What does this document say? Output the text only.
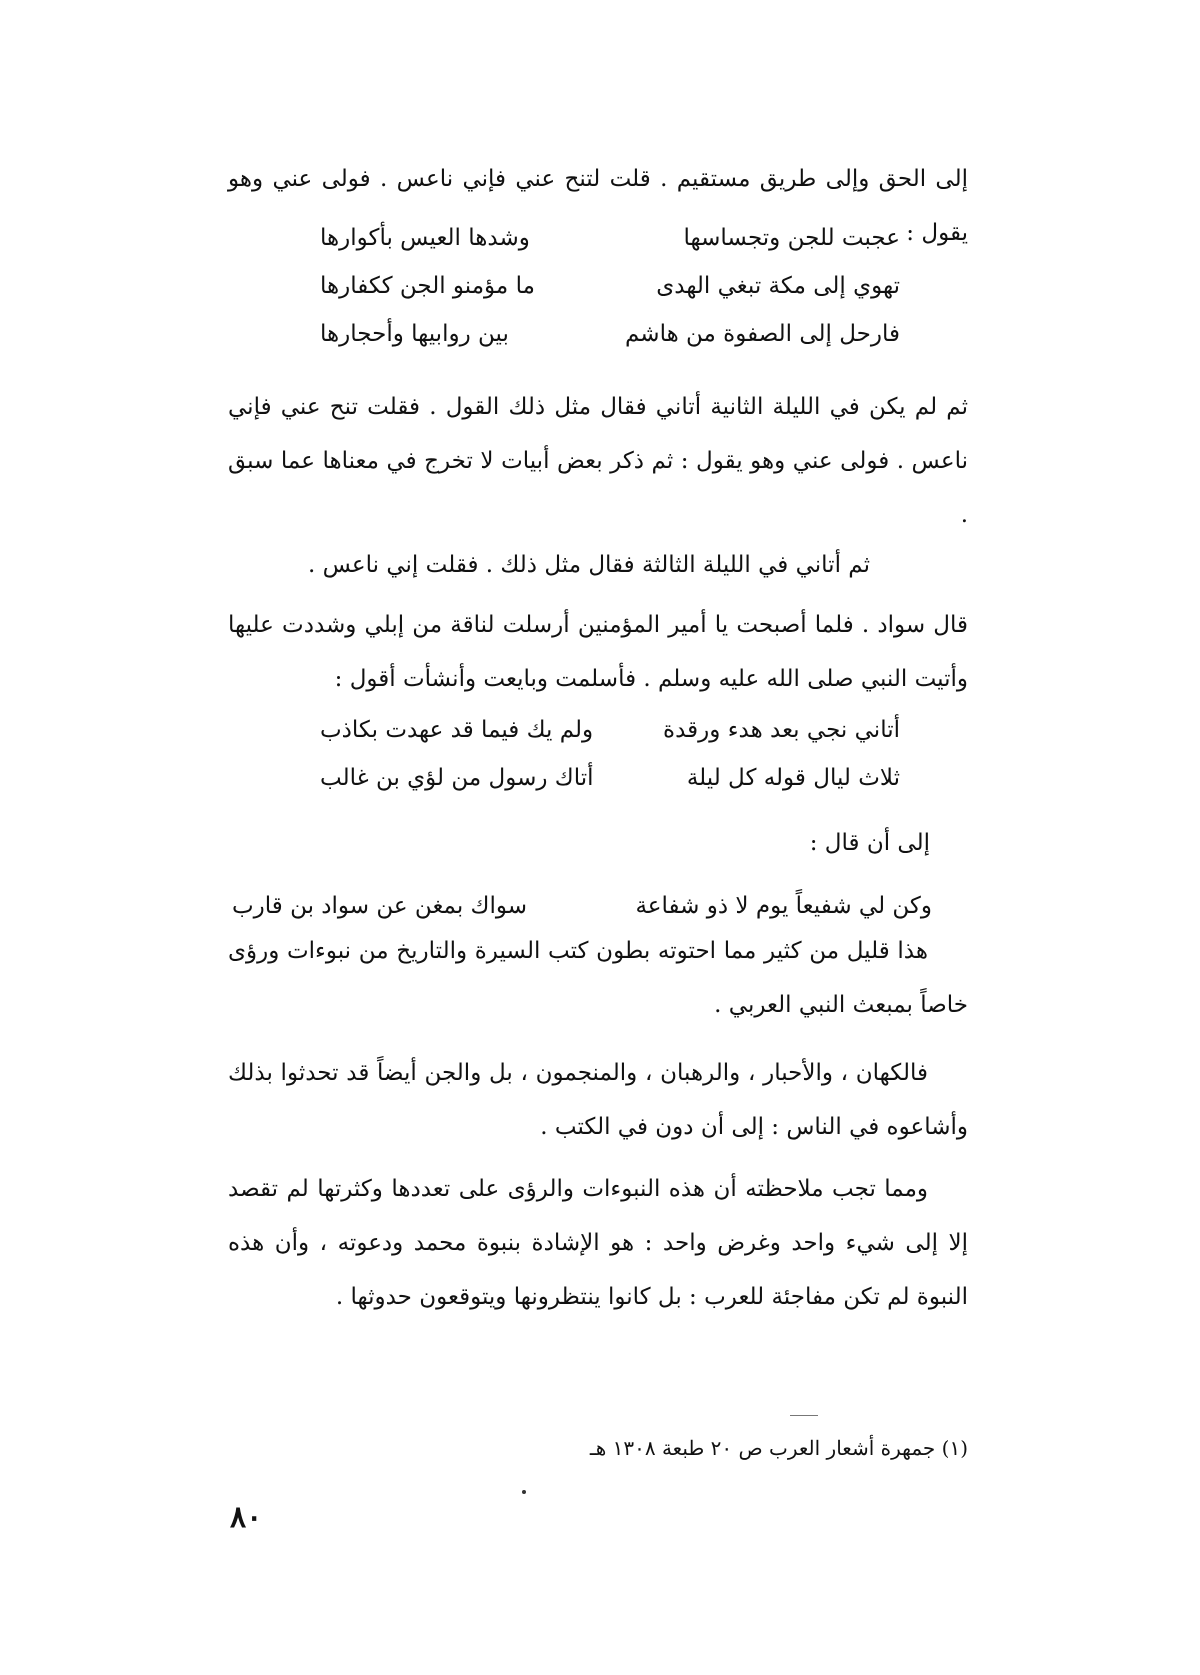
إلى الحق وإلى طريق مستقيم . قلت لتنح عني فإني ناعس . فولى عني وهو يقول :
عجبت للجن وتجساسها
وشدها العيس بأكوارها
تهوي إلى مكة تبغي الهدى
ما مؤمنو الجن ككفارها
فارحل إلى الصفوة من هاشم
بين روابيها وأحجارها
ثم لم يكن في الليلة الثانية أتاني فقال مثل ذلك القول . فقلت تنح عني فإني ناعس . فولى عني وهو يقول : ثم ذكر بعض أبيات لا تخرج في معناها عما سبق .
ثم أتاني في الليلة الثالثة فقال مثل ذلك . فقلت إني ناعس .
قال سواد . فلما أصبحت يا أمير المؤمنين أرسلت لناقة من إبلي وشددت عليها وأتيت النبي صلى الله عليه وسلم . فأسلمت وبايعت وأنشأت أقول :
أتاني نجي بعد هدء ورقدة
ولم يك فيما قد عهدت بكاذب
ثلاث ليال قوله كل ليلة
أتاك رسول من لؤي بن غالب
إلى أن قال :
وكن لي شفيعاً يوم لا ذو شفاعة
سواك بمغن عن سواد بن قارب
هذا قليل من كثير مما احتوته بطون كتب السيرة والتاريخ من نبوءات ورؤى خاصاً بمبعث النبي العربي .
فالكهان ، والأحبار ، والرهبان ، والمنجمون ، بل والجن أيضاً قد تحدثوا بذلك وأشاعوه في الناس : إلى أن دون في الكتب .
ومما تجب ملاحظته أن هذه النبوءات والرؤى على تعددها وكثرتها لم تقصد إلا إلى شيء واحد وغرض واحد : هو الإشادة بنبوة محمد ودعوته ، وأن هذه النبوة لم تكن مفاجئة للعرب : بل كانوا ينتظرونها ويتوقعون حدوثها .
(١) جمهرة أشعار العرب ص ٢٠ طبعة ١٣٠٨ هـ
٨٠
